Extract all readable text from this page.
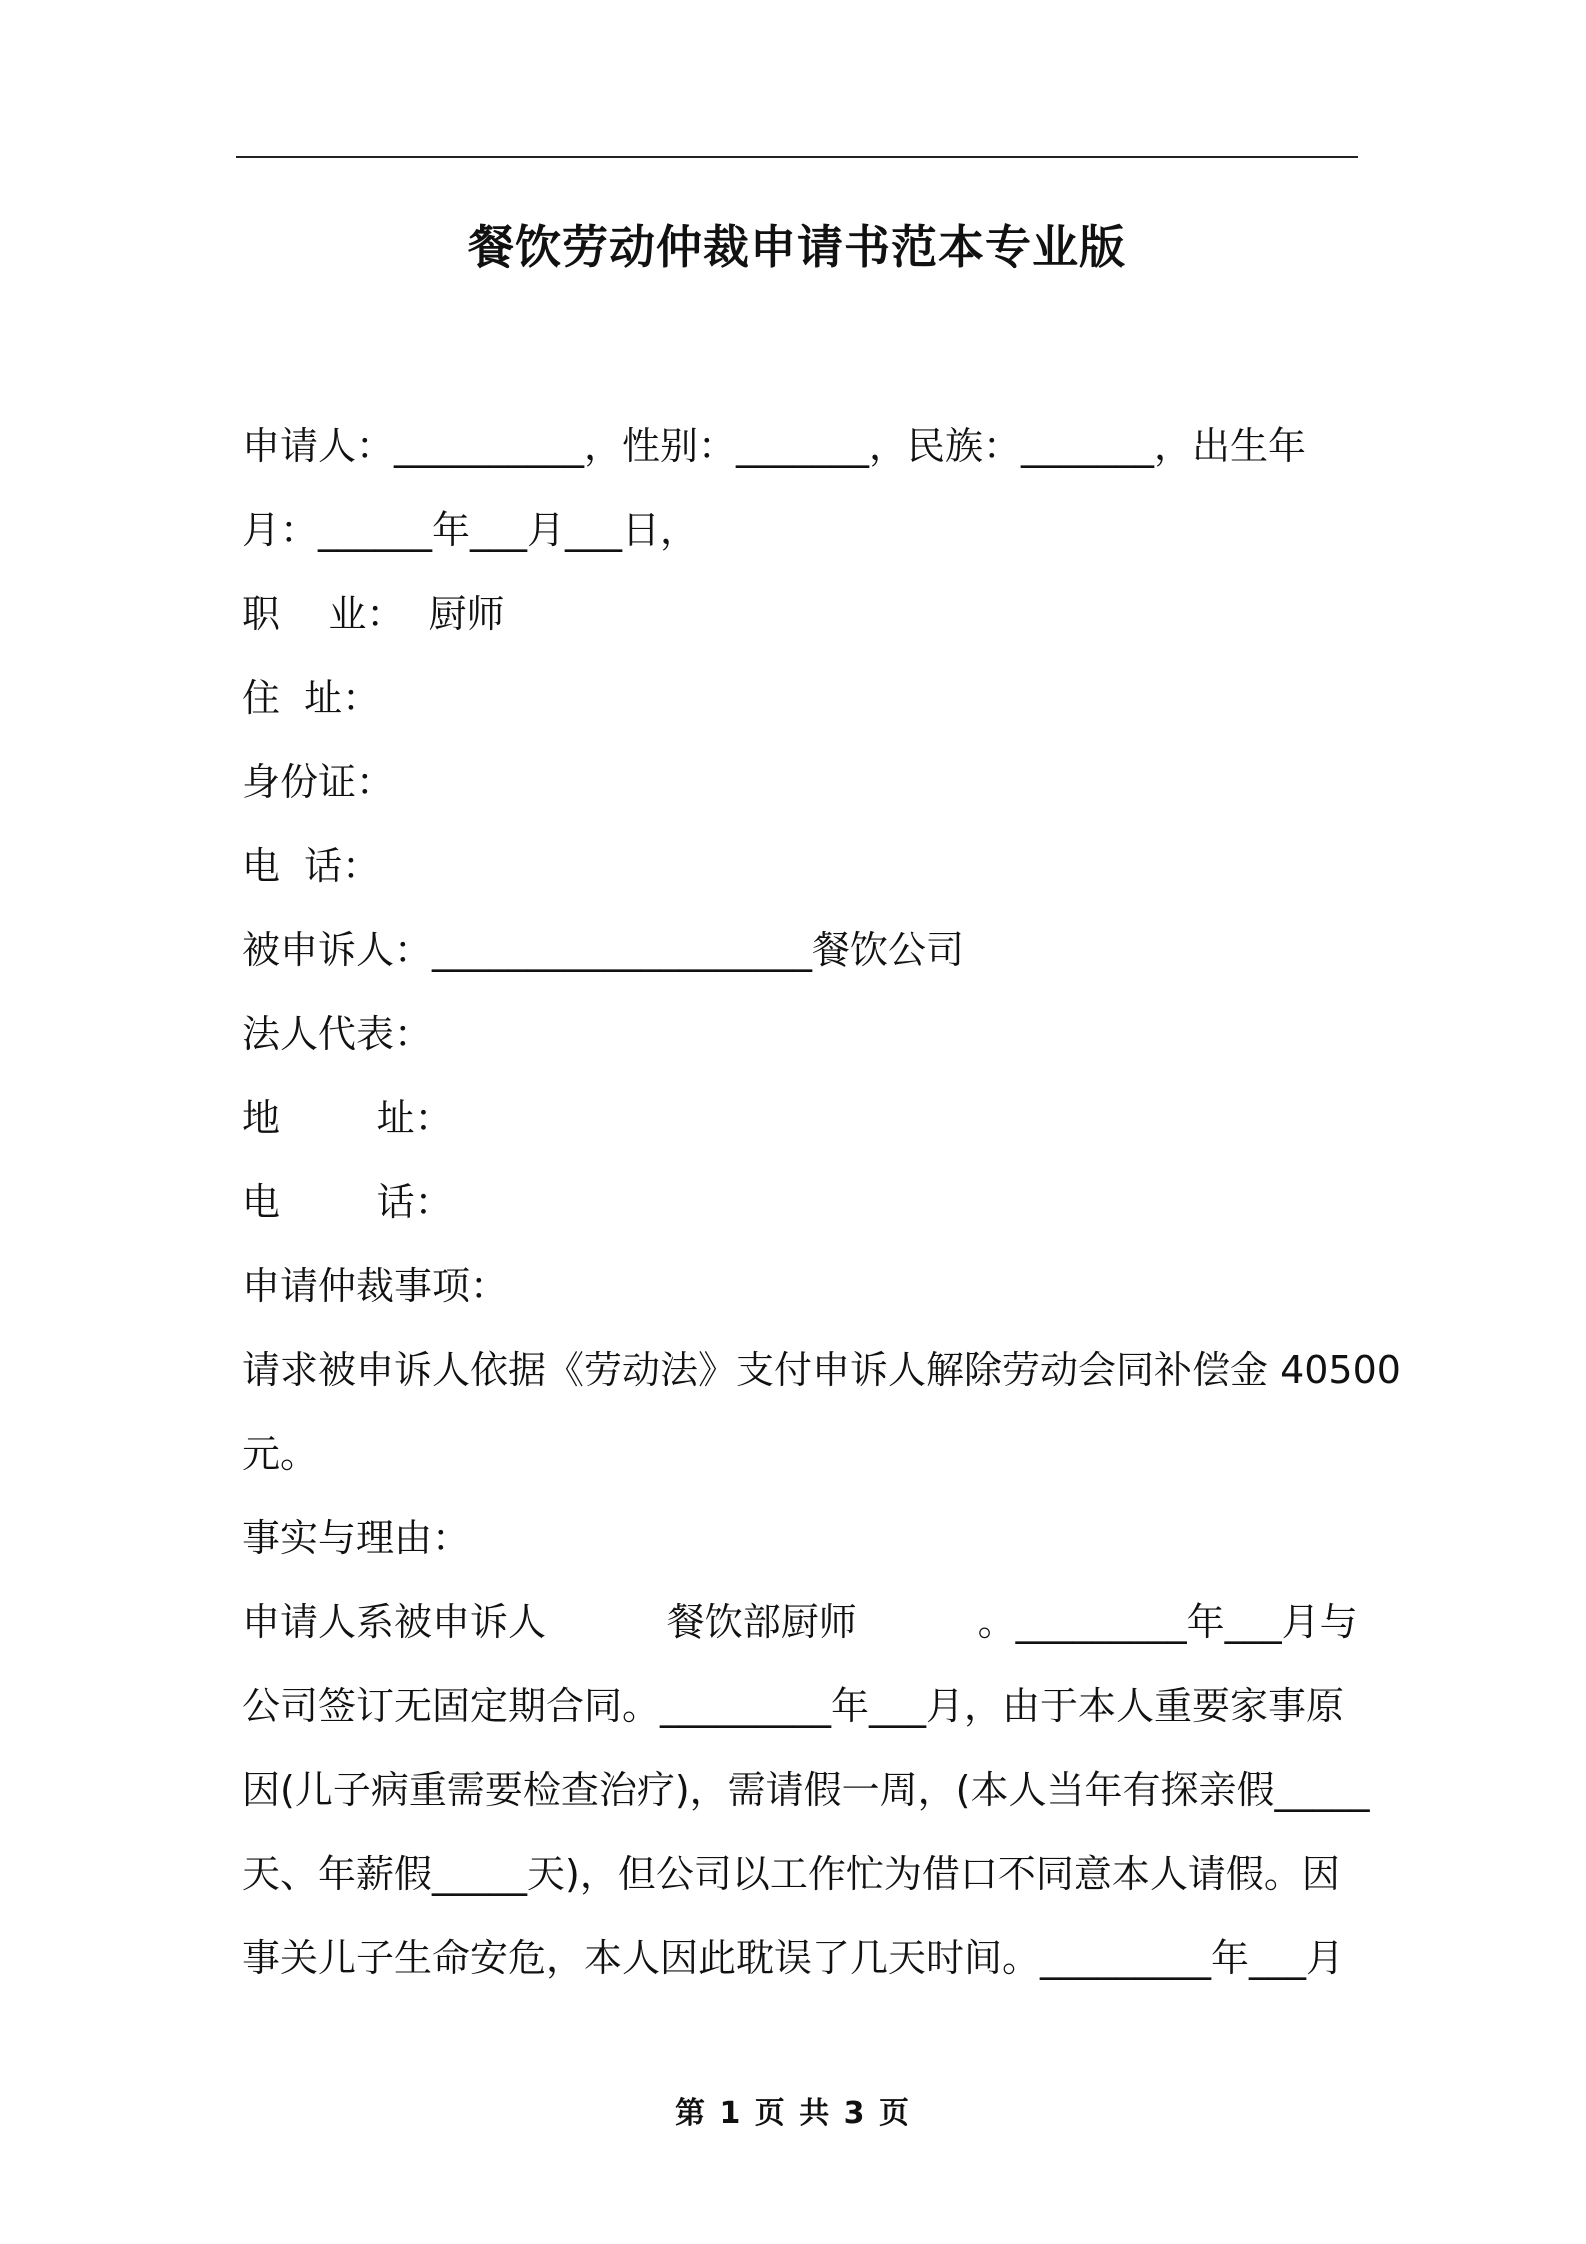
餐饮劳动仲裁申请书范本专业版
申请人：__________，性别：_______，民族：_______，出生年
月：______年___月___日，
职    业：  厨师
住  址：
身份证：
电  话：
被申诉人：____________________餐饮公司
法人代表：
地        址：
电        话：
申请仲裁事项：
请求被申诉人依据《劳动法》支付申诉人解除劳动会同补偿金 40500
元。
事实与理由：
申请人系被申诉人          餐饮部厨师          。_________年___月与
公司签订无固定期合同。_________年___月，由于本人重要家事原
因(儿子病重需要检查治疗)，需请假一周，(本人当年有探亲假_____
天、年薪假_____天)，但公司以工作忙为借口不同意本人请假。因
事关儿子生命安危，本人因此耽误了几天时间。_________年___月
第 1 页 共 3 页
